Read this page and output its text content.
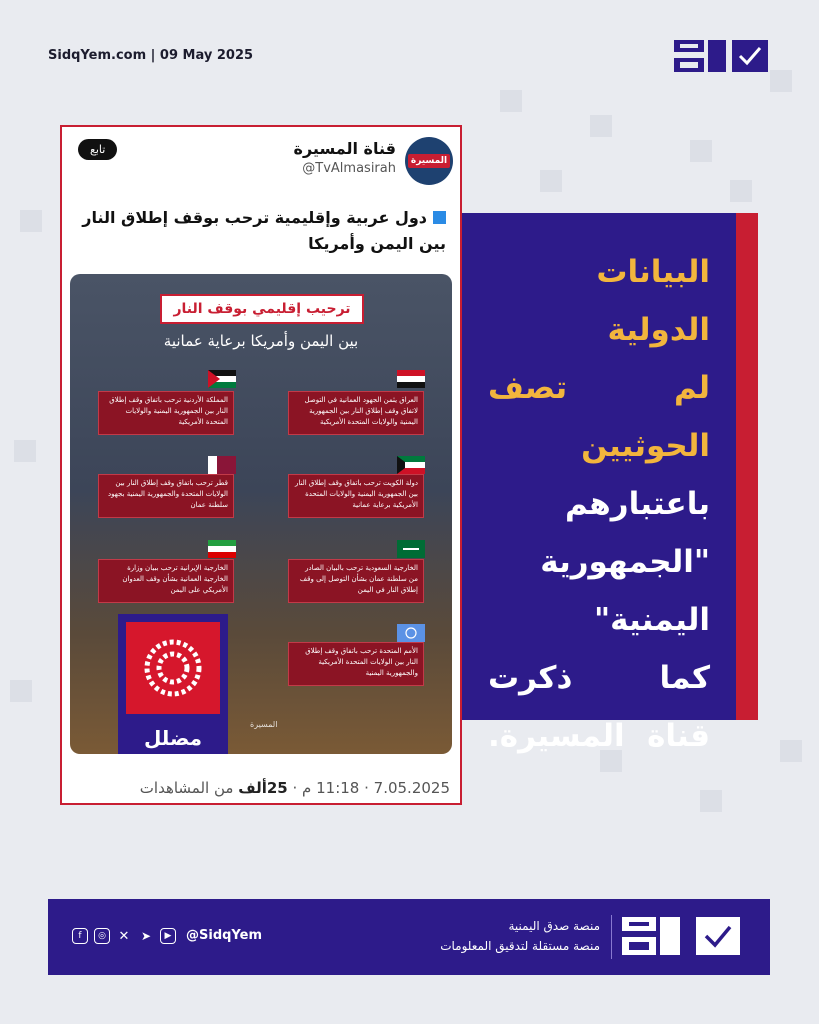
SidqYem.com | 09 May 2025
المسيرة
قناة المسيرة
@TvAlmasirah
تابع
دول عربية وإقليمية ترحب بوقف إطلاق النار بين اليمن وأمريكا
ترحيب إقليمي بوقف النار
بين اليمن وأمريكا برعاية عمانية
العراق يثمن الجهود العمانية في التوصل لاتفاق وقف إطلاق النار بين الجمهورية اليمنية والولايات المتحدة الأمريكية
دولة الكويت ترحب باتفاق وقف إطلاق النار بين الجمهورية اليمنية والولايات المتحدة الأمريكية برعاية عمانية
الخارجية السعودية ترحب بالبيان الصادر من سلطنة عمان بشأن التوصل إلى وقف إطلاق النار في اليمن
الأمم المتحدة ترحب باتفاق وقف إطلاق النار بين الولايات المتحدة الأمريكية والجمهورية اليمنية
المملكة الأردنية ترحب باتفاق وقف إطلاق النار بين الجمهورية اليمنية والولايات المتحدة الأمريكية
قطر ترحب باتفاق وقف إطلاق النار بين الولايات المتحدة والجمهورية اليمنية بجهود سلطنة عمان
الخارجية الإيرانية ترحب ببيان وزارة الخارجية العمانية بشأن وقف العدوان الأمريكي على اليمن
المسيرة
مضلل
7.05.2025 · 11:18 م · 25ألف من المشاهدات
البيانات الدولية
لم تصف
الحوثيين
باعتبارهم
"الجمهورية
اليمنية"
كما ذكرت
قناة المسيرة.
منصة صدق اليمنية
منصة مستقلة لتدقيق المعلومات
@SidqYem
f	◎ ✕ ➤	▶
